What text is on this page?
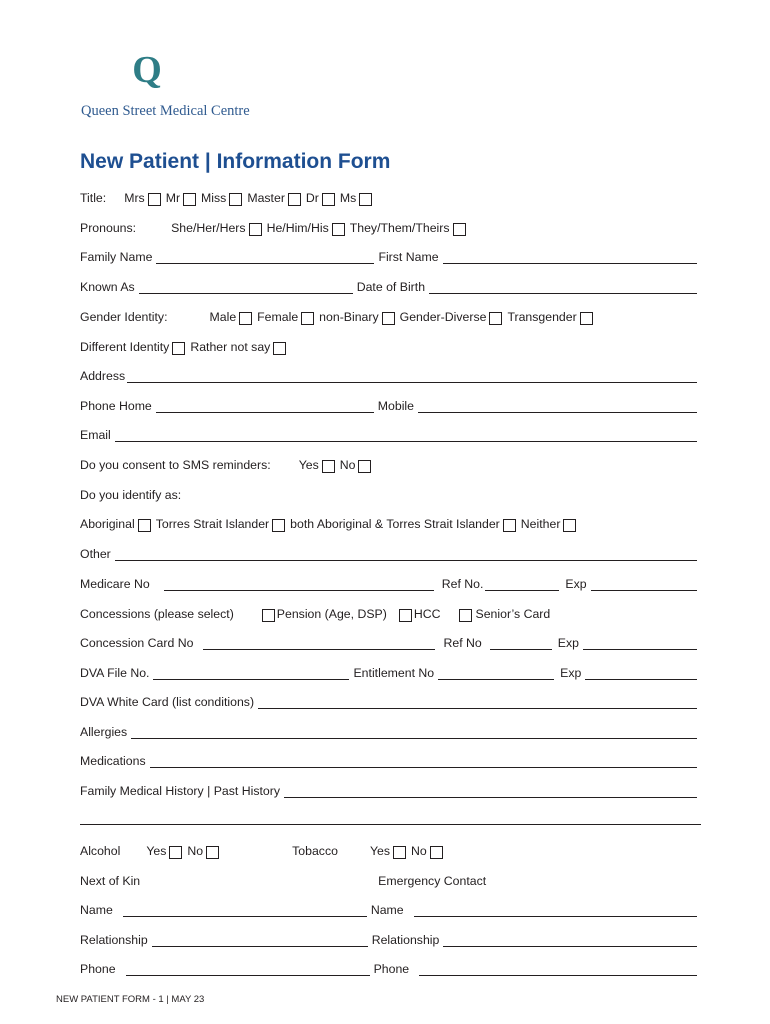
Q
Queen Street Medical Centre
New Patient | Information Form
Title: Mrs Mr Miss Master Dr Ms
Pronouns:	She/Her/Hers He/Him/His They/Them/Theirs
Family Name	First Name
Known As	Date of Birth
Gender Identity:	Male Female non-Binary Gender-Diverse Transgender
Different Identity Rather not say
Address
Phone Home	Mobile
Email
Do you consent to SMS reminders: Yes No
Do you identify as:
Aboriginal Torres Strait Islander both Aboriginal & Torres Strait Islander Neither
Other
Medicare No	Ref No.	Exp
Concessions (please select)	Pension (Age, DSP) HCC	Senior’s Card
Concession Card No	Ref No	Exp
DVA File No.	Entitlement No	Exp
DVA White Card (list conditions)
Allergies
Medications
Family Medical History | Past History
Alcohol Yes No	Tobacco	Yes No
Next of Kin	Emergency Contact
Name	Name
Relationship	Relationship
Phone	Phone
NEW PATIENT FORM - 1 | MAY 23
